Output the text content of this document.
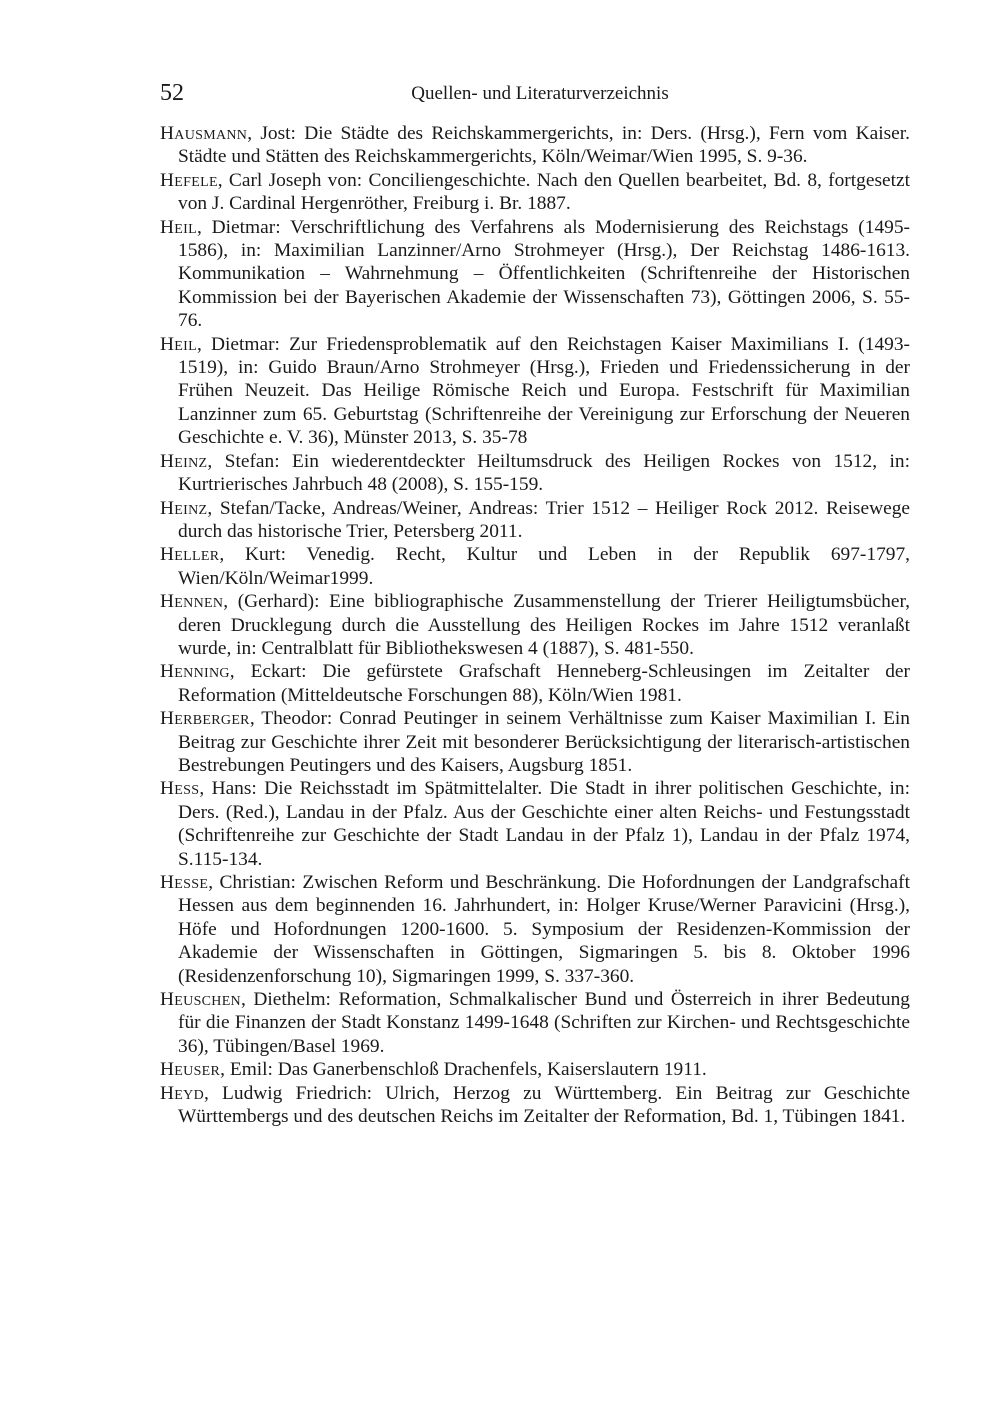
52	Quellen- und Literaturverzeichnis

Hausmann, Jost: Die Städte des Reichskammergerichts, in: Ders. (Hrsg.), Fern vom Kaiser. Städte und Stätten des Reichskammergerichts, Köln/Weimar/Wien 1995, S. 9-36.

Hefele, Carl Joseph von: Conciliengeschichte. Nach den Quellen bearbeitet, Bd. 8, fortgesetzt von J. Cardinal Hergenröther, Freiburg i. Br. 1887.

Heil, Dietmar: Verschriftlichung des Verfahrens als Modernisierung des Reichstags (1495-1586), in: Maximilian Lanzinner/Arno Strohmeyer (Hrsg.), Der Reichstag 1486-1613. Kommunikation – Wahrnehmung – Öffentlichkeiten (Schriftenreihe der Historischen Kommission bei der Bayerischen Akademie der Wissenschaften 73), Göttingen 2006, S. 55-76.

Heil, Dietmar: Zur Friedensproblematik auf den Reichstagen Kaiser Maximilians I. (1493-1519), in: Guido Braun/Arno Strohmeyer (Hrsg.), Frieden und Friedenssicherung in der Frühen Neuzeit. Das Heilige Römische Reich und Europa. Festschrift für Maximilian Lanzinner zum 65. Geburtstag (Schriftenreihe der Vereinigung zur Erforschung der Neueren Geschichte e. V. 36), Münster 2013, S. 35-78

Heinz, Stefan: Ein wiederentdeckter Heiltumsdruck des Heiligen Rockes von 1512, in: Kurtrierisches Jahrbuch 48 (2008), S. 155-159.

Heinz, Stefan/Tacke, Andreas/Weiner, Andreas: Trier 1512 – Heiliger Rock 2012. Reisewege durch das historische Trier, Petersberg 2011.

Heller, Kurt: Venedig. Recht, Kultur und Leben in der Republik 697-1797, Wien/Köln/Weimar1999.

Hennen, (Gerhard): Eine bibliographische Zusammenstellung der Trierer Heiligtumsbücher, deren Drucklegung durch die Ausstellung des Heiligen Rockes im Jahre 1512 veranlaßt wurde, in: Centralblatt für Bibliothekswesen 4 (1887), S. 481-550.

Henning, Eckart: Die gefürstete Grafschaft Henneberg-Schleusingen im Zeitalter der Reformation (Mitteldeutsche Forschungen 88), Köln/Wien 1981.

Herberger, Theodor: Conrad Peutinger in seinem Verhältnisse zum Kaiser Maximilian I. Ein Beitrag zur Geschichte ihrer Zeit mit besonderer Berücksichtigung der literarisch-artistischen Bestrebungen Peutingers und des Kaisers, Augsburg 1851.

Hess, Hans: Die Reichsstadt im Spätmittelalter. Die Stadt in ihrer politischen Geschichte, in: Ders. (Red.), Landau in der Pfalz. Aus der Geschichte einer alten Reichs- und Festungsstadt (Schriftenreihe zur Geschichte der Stadt Landau in der Pfalz 1), Landau in der Pfalz 1974, S.115-134.

Hesse, Christian: Zwischen Reform und Beschränkung. Die Hofordnungen der Landgrafschaft Hessen aus dem beginnenden 16. Jahrhundert, in: Holger Kruse/Werner Paravicini (Hrsg.), Höfe und Hofordnungen 1200-1600. 5. Symposium der Residenzen-Kommission der Akademie der Wissenschaften in Göttingen, Sigmaringen 5. bis 8. Oktober 1996 (Residenzenforschung 10), Sigmaringen 1999, S. 337-360.

Heuschen, Diethelm: Reformation, Schmalkalischer Bund und Österreich in ihrer Bedeutung für die Finanzen der Stadt Konstanz 1499-1648 (Schriften zur Kirchen- und Rechtsgeschichte 36), Tübingen/Basel 1969.

Heuser, Emil: Das Ganerbenschloß Drachenfels, Kaiserslautern 1911.

Heyd, Ludwig Friedrich: Ulrich, Herzog zu Württemberg. Ein Beitrag zur Geschichte Württembergs und des deutschen Reichs im Zeitalter der Reformation, Bd. 1, Tübingen 1841.
